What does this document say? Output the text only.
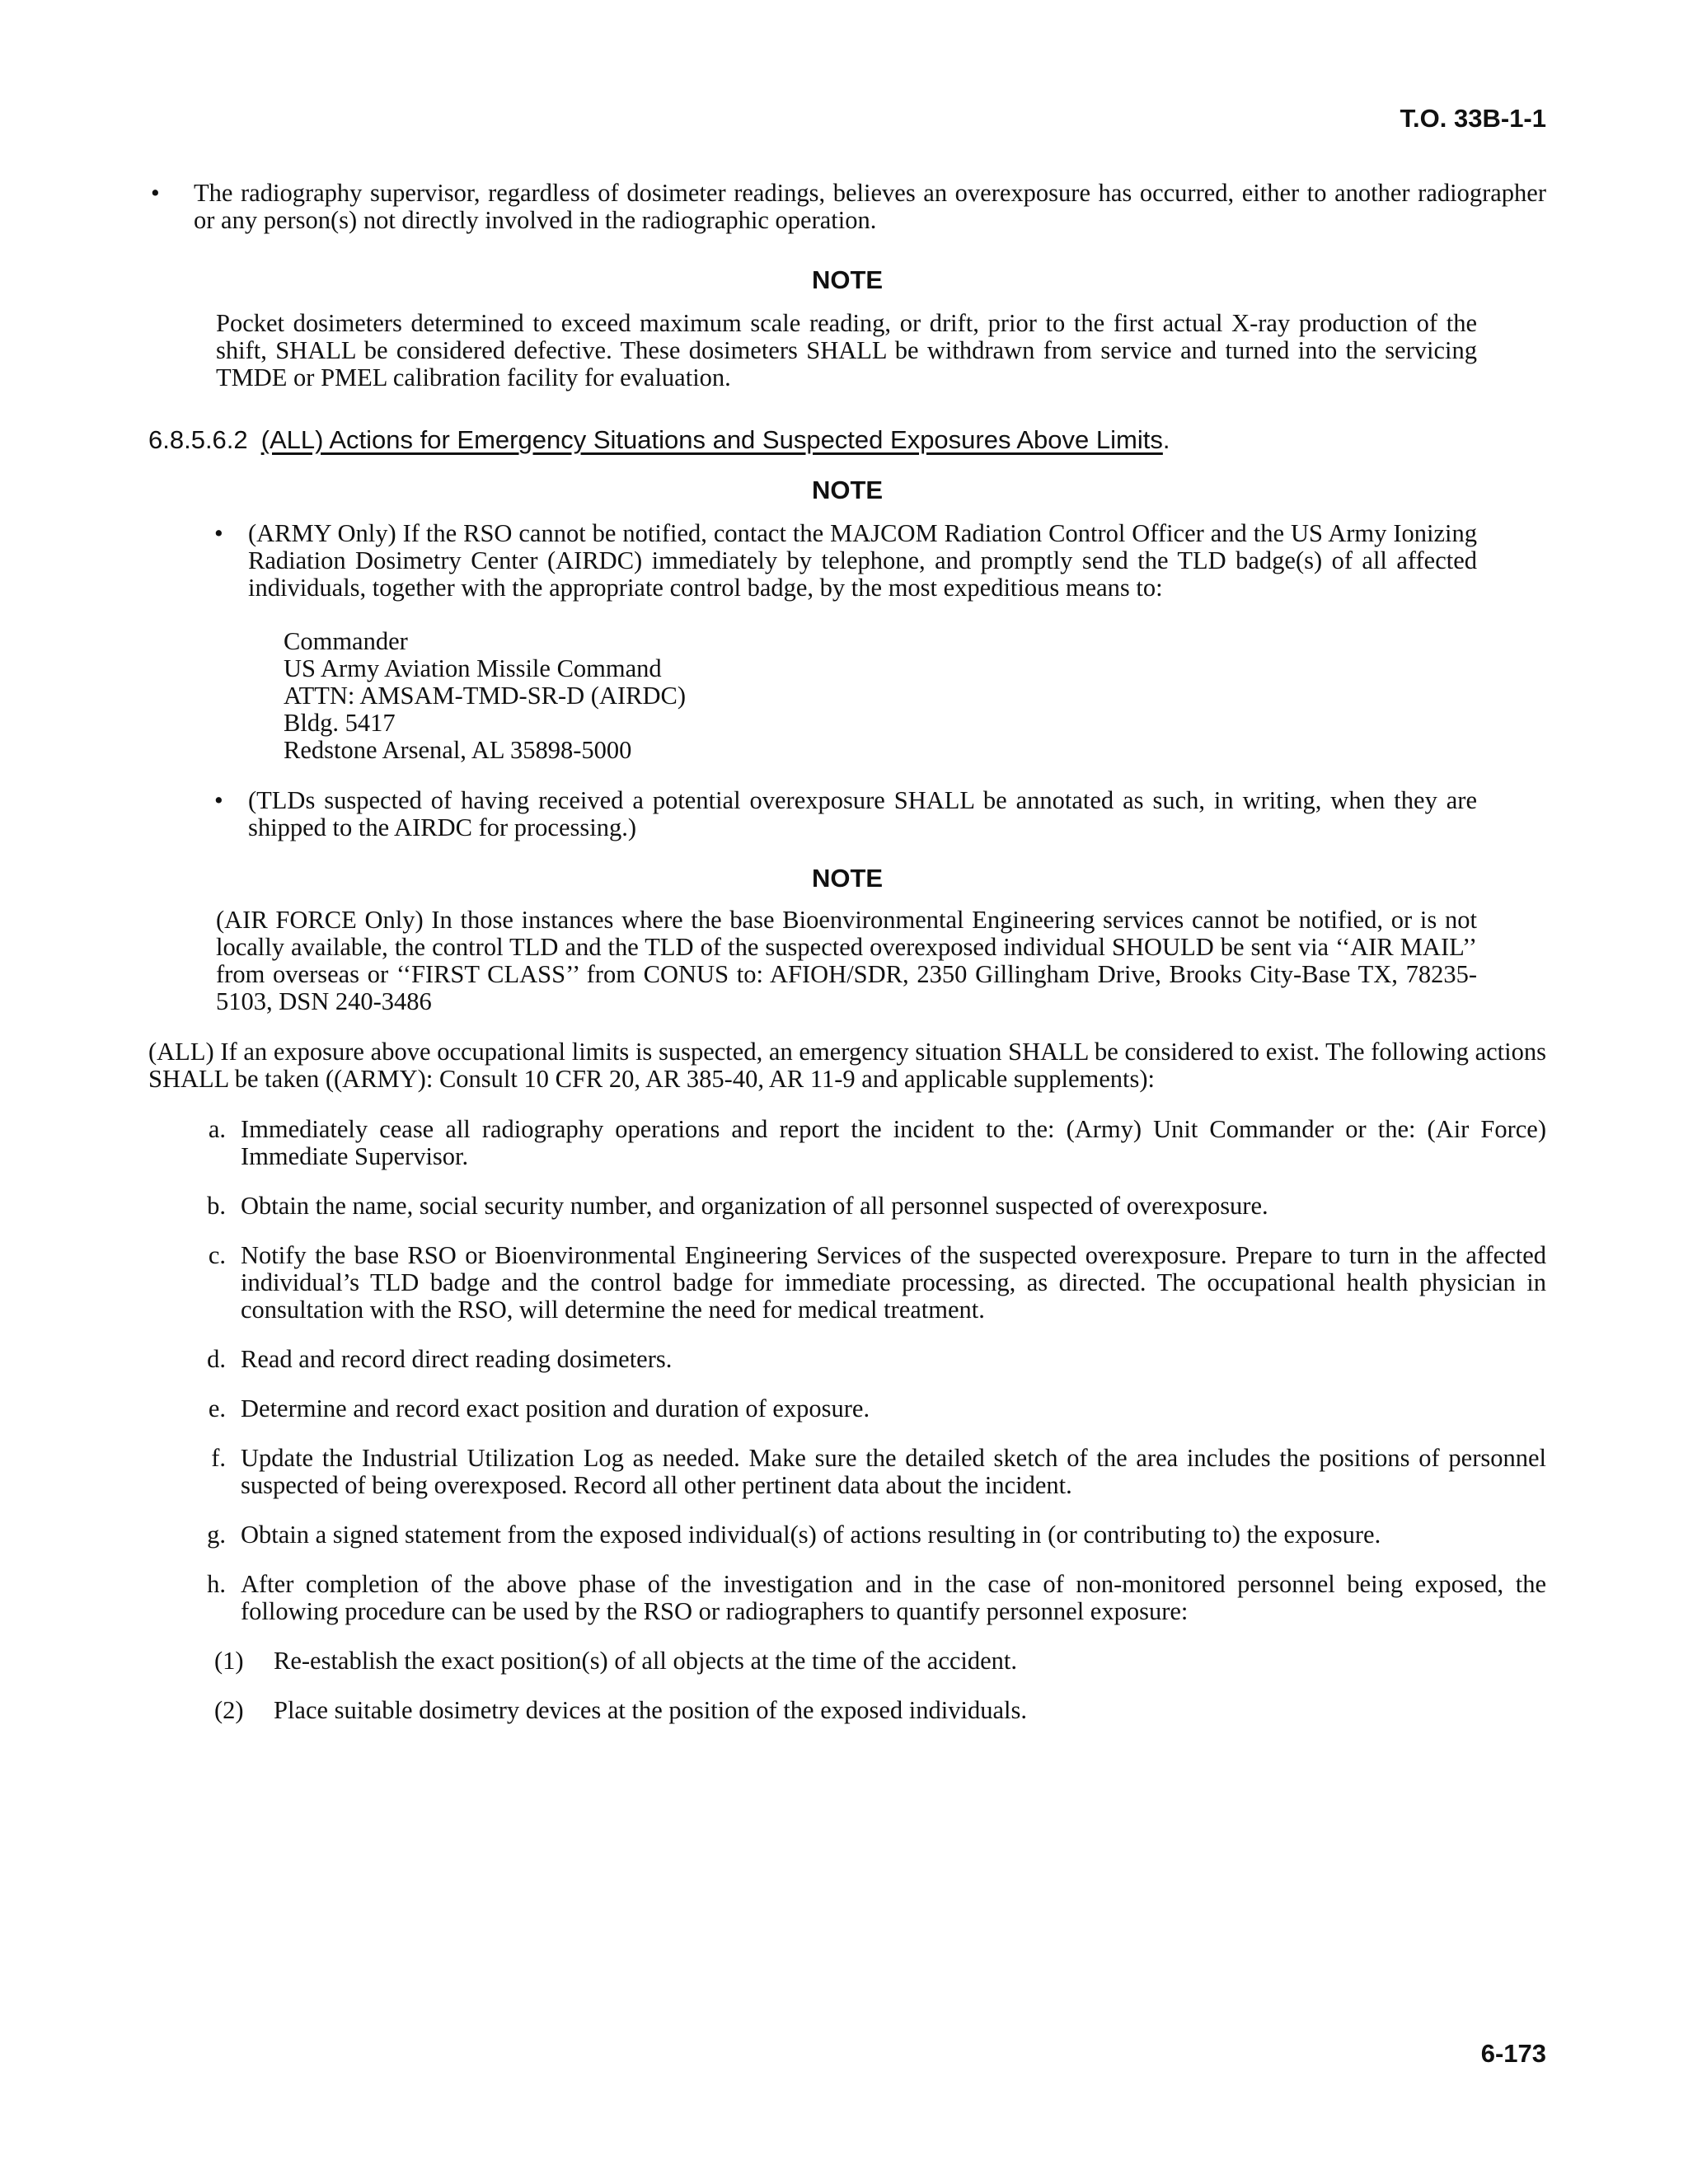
T.O. 33B-1-1
• The radiography supervisor, regardless of dosimeter readings, believes an overexposure has occurred, either to another radiographer or any person(s) not directly involved in the radiographic operation.
NOTE

Pocket dosimeters determined to exceed maximum scale reading, or drift, prior to the first actual X-ray production of the shift, SHALL be considered defective. These dosimeters SHALL be withdrawn from service and turned into the servicing TMDE or PMEL calibration facility for evaluation.

6.8.5.6.2 (ALL) Actions for Emergency Situations and Suspected Exposures Above Limits.
NOTE
• (ARMY Only) If the RSO cannot be notified, contact the MAJCOM Radiation Control Officer and the US Army Ionizing Radiation Dosimetry Center (AIRDC) immediately by telephone, and promptly send the TLD badge(s) of all affected individuals, together with the appropriate control badge, by the most expeditious means to:
Commander
US Army Aviation Missile Command
ATTN: AMSAM-TMD-SR-D (AIRDC)
Bldg. 5417
Redstone Arsenal, AL 35898-5000
• (TLDs suspected of having received a potential overexposure SHALL be annotated as such, in writing, when they are shipped to the AIRDC for processing.)
NOTE

(AIR FORCE Only) In those instances where the base Bioenvironmental Engineering services cannot be notified, or is not locally available, the control TLD and the TLD of the suspected overexposed individual SHOULD be sent via ‘‘AIR MAIL’’ from overseas or ‘‘FIRST CLASS’’ from CONUS to: AFIOH/SDR, 2350 Gillingham Drive, Brooks City-Base TX, 78235-5103, DSN 240-3486

(ALL) If an exposure above occupational limits is suspected, an emergency situation SHALL be considered to exist. The following actions SHALL be taken ((ARMY): Consult 10 CFR 20, AR 385-40, AR 11-9 and applicable supplements):

a. Immediately cease all radiography operations and report the incident to the: (Army) Unit Commander or the: (Air Force) Immediate Supervisor.
b. Obtain the name, social security number, and organization of all personnel suspected of overexposure.
c. Notify the base RSO or Bioenvironmental Engineering Services of the suspected overexposure. Prepare to turn in the affected individual’s TLD badge and the control badge for immediate processing, as directed. The occupational health physician in consultation with the RSO, will determine the need for medical treatment.
d. Read and record direct reading dosimeters.
e. Determine and record exact position and duration of exposure.
f. Update the Industrial Utilization Log as needed. Make sure the detailed sketch of the area includes the positions of personnel suspected of being overexposed. Record all other pertinent data about the incident.
g. Obtain a signed statement from the exposed individual(s) of actions resulting in (or contributing to) the exposure.
h. After completion of the above phase of the investigation and in the case of non-monitored personnel being exposed, the following procedure can be used by the RSO or radiographers to quantify personnel exposure:
(1) Re-establish the exact position(s) of all objects at the time of the accident.
(2) Place suitable dosimetry devices at the position of the exposed individuals.
6-173
